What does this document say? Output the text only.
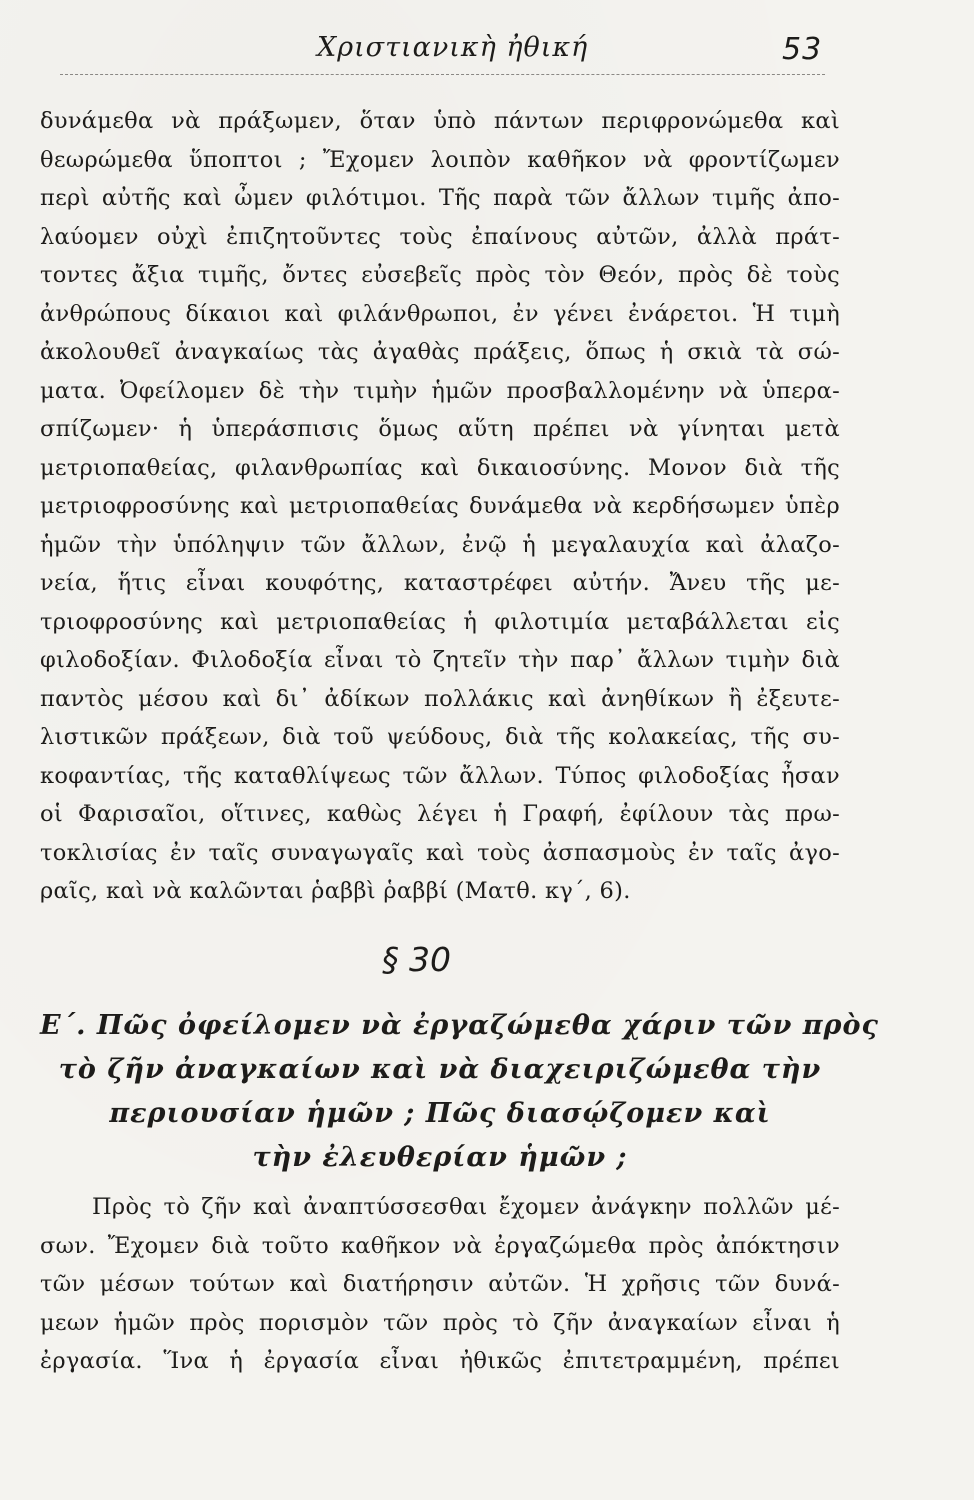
Χριστιανικὴ ἠθική	53
δυνάμεθα νὰ πράξωμεν, ὅταν ὑπὸ πάντων περιφρονώμεθα καὶ
θεωρώμεθα ὕποπτοι ; Ἔχομεν λοιπὸν καθῆκον νὰ φροντίζωμεν
περὶ αὐτῆς καὶ ὦμεν φιλότιμοι. Τῆς παρὰ τῶν ἄλλων τιμῆς ἀπο-
λαύομεν οὐχὶ ἐπιζητοῦντες τοὺς ἐπαίνους αὐτῶν, ἀλλὰ πράτ-
τοντες ἄξια τιμῆς, ὄντες εὐσεβεῖς πρὸς τὸν Θεόν, πρὸς δὲ τοὺς
ἀνθρώπους δίκαιοι καὶ φιλάνθρωποι, ἐν γένει ἐνάρετοι. Ἡ τιμὴ
ἀκολουθεῖ ἀναγκαίως τὰς ἀγαθὰς πράξεις, ὅπως ἡ σκιὰ τὰ σώ-
ματα. Ὀφείλομεν δὲ τὴν τιμὴν ἡμῶν προσβαλλομένην νὰ ὑπερα-
σπίζωμεν· ἡ ὑπεράσπισις ὅμως αὕτη πρέπει νὰ γίνηται μετὰ
μετριοπαθείας, φιλανθρωπίας καὶ δικαιοσύνης. Μονον διὰ τῆς
μετριοφροσύνης καὶ μετριοπαθείας δυνάμεθα νὰ κερδήσωμεν ὑπὲρ
ἡμῶν τὴν ὑπόληψιν τῶν ἄλλων, ἐνῷ ἡ μεγαλαυχία καὶ ἀλαζο-
νεία, ἥτις εἶναι κουφότης, καταστρέφει αὐτήν. Ἄνευ τῆς με-
τριοφροσύνης καὶ μετριοπαθείας ἡ φιλοτιμία μεταβάλλεται εἰς
φιλοδοξίαν. Φιλοδοξία εἶναι τὸ ζητεῖν τὴν παρ᾽ ἄλλων τιμὴν διὰ
παντὸς μέσου καὶ δι᾽ ἀδίκων πολλάκις καὶ ἀνηθίκων ἢ ἐξευτε-
λιστικῶν πράξεων, διὰ τοῦ ψεύδους, διὰ τῆς κολακείας, τῆς συ-
κοφαντίας, τῆς καταθλίψεως τῶν ἄλλων. Τύπος φιλοδοξίας ἦσαν
οἱ Φαρισαῖοι, οἵτινες, καθὼς λέγει ἡ Γραφή, ἐφίλουν τὰς πρω-
τοκλισίας ἐν ταῖς συναγωγαῖς καὶ τοὺς ἀσπασμοὺς ἐν ταῖς ἀγο-
ραῖς, καὶ νὰ καλῶνται ῥαββὶ ῥαββί (Ματθ. κγ´, 6).
§ 30
Ε´. Πῶς ὀφείλομεν νὰ ἐργαζώμεθα χάριν τῶν πρὸς
τὸ ζῆν ἀναγκαίων καὶ νὰ διαχειριζώμεθα τὴν
περιουσίαν ἡμῶν ; Πῶς διασῴζομεν καὶ
τὴν ἐλευθερίαν ἡμῶν ;
Πρὸς τὸ ζῆν καὶ ἀναπτύσσεσθαι ἔχομεν ἀνάγκην πολλῶν μέ-
σων. Ἔχομεν διὰ τοῦτο καθῆκον νὰ ἐργαζώμεθα πρὸς ἀπόκτησιν
τῶν μέσων τούτων καὶ διατήρησιν αὐτῶν. Ἡ χρῆσις τῶν δυνά-
μεων ἡμῶν πρὸς πορισμὸν τῶν πρὸς τὸ ζῆν ἀναγκαίων εἶναι ἡ
ἐργασία. Ἵνα ἡ ἐργασία εἶναι ἠθικῶς ἐπιτετραμμένη, πρέπει
